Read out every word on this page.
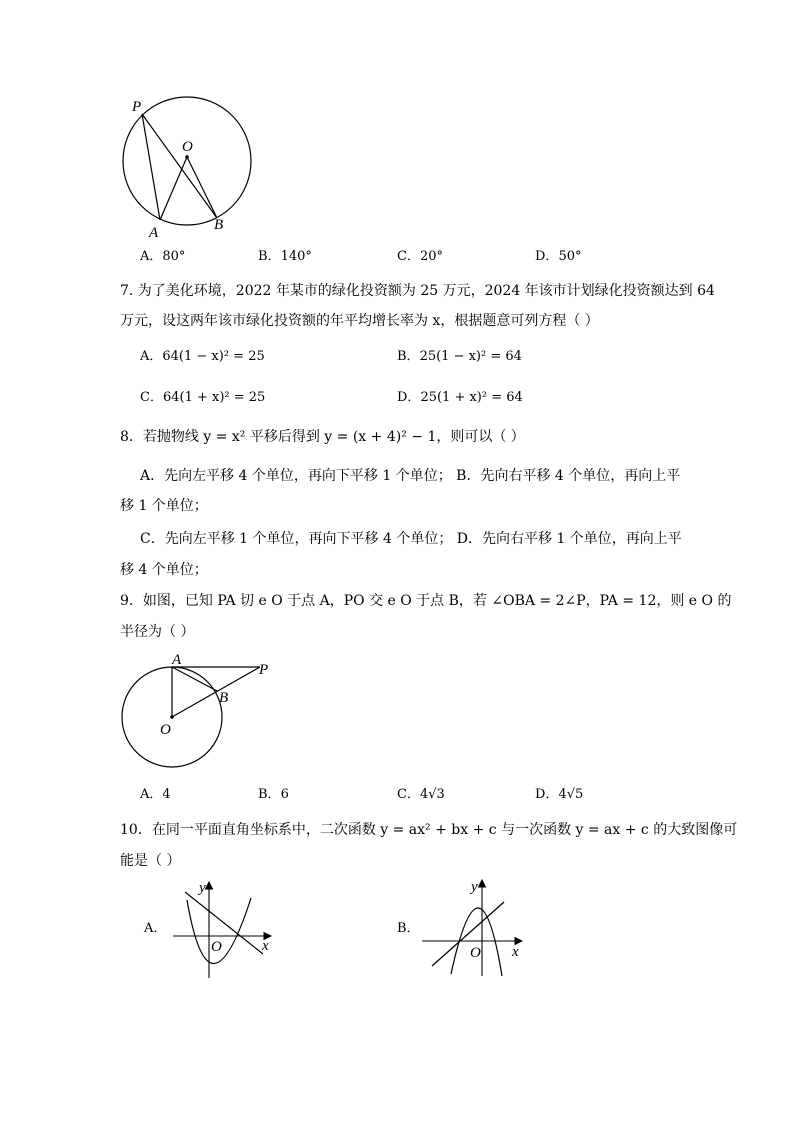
P
O
A	B
A．80°	B．140°	C．20°	D．50°
7. 为了美化环境，2022 年某市的绿化投资额为 25 万元，2024 年该市计划绿化投资额达到 64
万元，设这两年该市绿化投资额的年平均增长率为 x，根据题意可列方程（ ）
A．64(1 − x)² = 25	B．25(1 − x)² = 64
C．64(1 + x)² = 25	D．25(1 + x)² = 64
8．若抛物线 y = x² 平移后得到 y = (x + 4)² − 1，则可以（ ）
A．先向左平移 4 个单位，再向下平移 1 个单位； B．先向右平移 4 个单位，再向上平
移 1 个单位；
C．先向左平移 1 个单位，再向下平移 4 个单位； D．先向右平移 1 个单位，再向上平
移 4 个单位；
9．如图，已知 PA 切 e O 于点 A，PO 交 e O 于点 B，若 ∠OBA = 2∠P，PA = 12，则 e O 的
半径为（ ）
A
P
B
O
A．4	B．6	C．4√3	D．4√5
10．在同一平面直角坐标系中，二次函数 y = ax² + bx + c 与一次函数 y = ax + c 的大致图像可
能是（ ）
A．
y
x
O
B．
y
x
O
